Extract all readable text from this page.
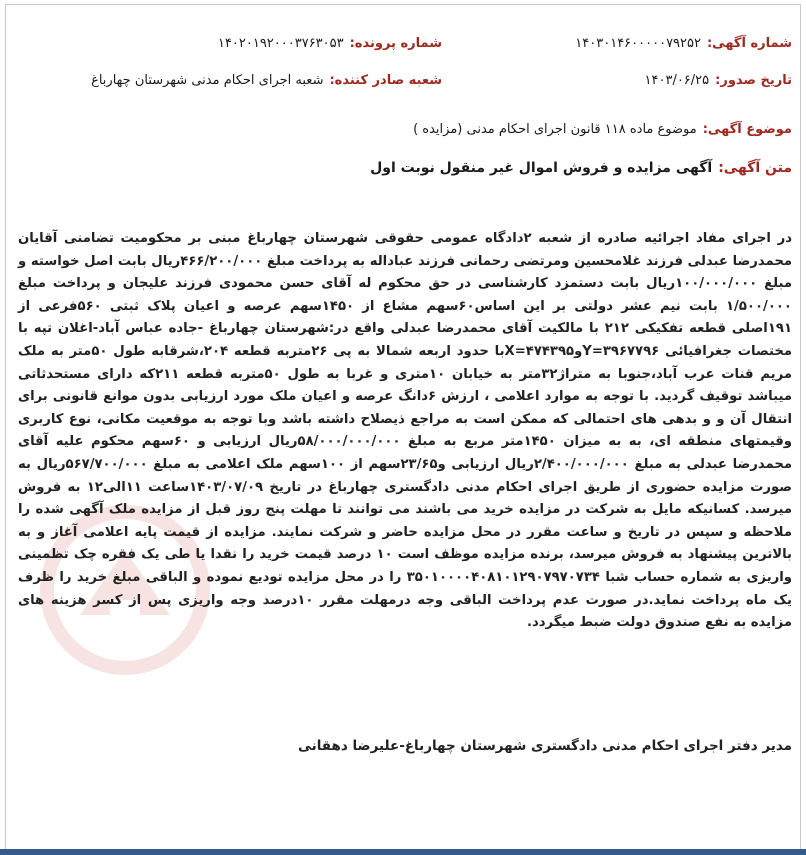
شماره آگهی:۱۴۰۳۰۱۴۶۰۰۰۰۰۷۹۲۵۲
شماره پرونده:۱۴۰۲۰۱۹۲۰۰۰۳۷۶۳۰۵۳
تاریخ صدور:۱۴۰۳/۰۶/۲۵
شعبه صادر کننده:شعبه اجرای احکام مدنی شهرستان چهارباغ
موضوع آگهی:موضوع ماده ۱۱۸ قانون اجرای احکام مدنی (مزایده )
متن آگهی:آگهی مزایده و فروش اموال غیر منقول نوبت اول
در اجرای مفاد اجرائیه صادره از شعبه ۲دادگاه عمومی حقوقی شهرستان چهارباغ مبنی بر محکومیت تضامنی آقایان محمدرضا عبدلی فرزند غلامحسین ومرتضی رحمانی فرزند عباداله به پرداخت مبلغ ۴۶۶/۲۰۰/۰۰۰ریال بابت اصل خواسته و مبلغ ۱۰۰/۰۰۰/۰۰۰ریال بابت دستمزد کارشناسی در حق محکوم له آقای حسن محمودی فرزند علیجان و پرداخت مبلغ ۱/۵۰۰/۰۰۰ بابت نیم عشر دولتی بر این اساس۶۰سهم مشاع از ۱۴۵۰سهم عرصه و اعیان پلاک ثبتی ۵۶۰فرعی از ۱۹۱اصلی قطعه تفکیکی ۲۱۲ با مالکیت آقای محمدرضا عبدلی واقع در:شهرستان چهارباغ -جاده عباس آباد-اغلان تپه با مختصات جغرافیائی Y=۳۹۶۷۷۹۶وX=۴۷۴۳۹۵با حدود اربعه شمالا به پی ۲۶متربه قطعه ۲۰۴،شرقابه طول ۵۰متر به ملک مریم قنات عرب آباد،جنوبا به متراژ۳۲متر به خیابان ۱۰متری و غربا به طول ۵۰متربه قطعه ۲۱۱که دارای مستحدثاتی میباشد توقیف گردید. با توجه به موارد اعلامی ، ارزش ۶دانگ عرصه و اعیان ملک مورد ارزیابی بدون موانع قانونی برای انتقال آن و و بدهی های احتمالی که ممکن است به مراجع ذیصلاح داشته باشد وبا توجه به موقعیت مکانی، نوع کاربری وقیمتهای منطقه ای، به به میزان ۱۴۵۰متر مربع به مبلغ ۵۸/۰۰۰/۰۰۰/۰۰۰ریال ارزیابی و ۶۰سهم محکوم علیه آقای محمدرضا عبدلی به مبلغ ۲/۴۰۰/۰۰۰/۰۰۰ریال ارزیابی و۲۳/۶۵سهم از ۱۰۰سهم ملک اعلامی به مبلغ ۵۶۷/۷۰۰/۰۰۰ریال به صورت مزایده حضوری از طریق اجرای احکام مدنی دادگستری چهارباغ در تاریخ ۱۴۰۳/۰۷/۰۹ساعت ۱۱الی۱۲ به فروش میرسد. کسانیکه مایل به شرکت در مزایده خرید می باشند می توانند تا مهلت پنج روز قبل از مزایده ملک آگهی شده را ملاحظه و سپس در تاریخ و ساعت مقرر در محل مزایده حاضر و شرکت نمایند. مزایده از قیمت پایه اعلامی آغاز و به بالاترین پیشنهاد به فروش میرسد، برنده مزایده موظف است ۱۰ درصد قیمت خرید را نقدا یا طی یک فقره چک تظمینی واریزی به شماره حساب شبا ۳۵۰۱۰۰۰۰۴۰۸۱۰۱۲۹۰۷۹۷۰۷۳۴ را در محل مزایده تودیع نموده و الباقی مبلغ خرید را ظرف یک ماه پرداخت نماید.در صورت عدم پرداخت الباقی وجه درمهلت مقرر ۱۰درصد وجه واریزی پس از کسر هزینه های مزایده به نفع صندوق دولت ضبط میگردد.
مدیر دفتر اجرای احکام مدنی دادگستری شهرستان چهارباغ-علیرضا دهقانی
